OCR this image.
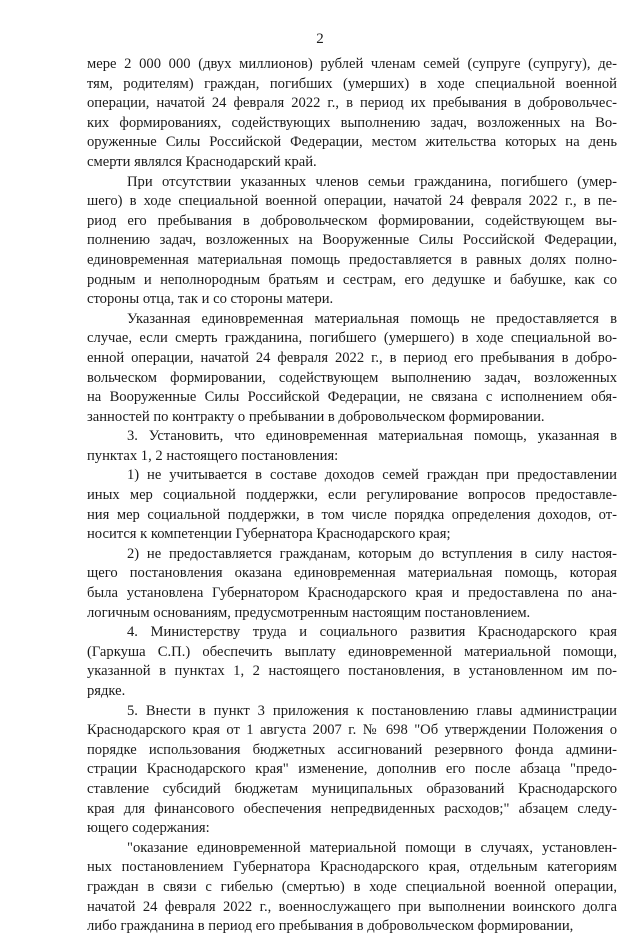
2
мере 2 000 000 (двух миллионов) рублей членам семей (супруге (супругу), де-
тям, родителям) граждан, погибших (умерших) в ходе специальной военной
операции, начатой 24 февраля 2022 г., в период их пребывания в добровольчес-
ких формированиях, содействующих выполнению задач, возложенных на Во-
оруженные Силы Российской Федерации, местом жительства которых на день
смерти являлся Краснодарский край.
При отсутствии указанных членов семьи гражданина, погибшего (умер-
шего) в ходе специальной военной операции, начатой 24 февраля 2022 г., в пе-
риод его пребывания в добровольческом формировании, содействующем вы-
полнению задач, возложенных на Вооруженные Силы Российской Федерации,
единовременная материальная помощь предоставляется в равных долях полно-
родным и неполнородным братьям и сестрам, его дедушке и бабушке, как со
стороны отца, так и со стороны матери.
Указанная единовременная материальная помощь не предоставляется в
случае, если смерть гражданина, погибшего (умершего) в ходе специальной во-
енной операции, начатой 24 февраля 2022 г., в период его пребывания в добро-
вольческом формировании, содействующем выполнению задач, возложенных
на Вооруженные Силы Российской Федерации, не связана с исполнением обя-
занностей по контракту о пребывании в добровольческом формировании.
3. Установить, что единовременная материальная помощь, указанная в
пунктах 1, 2 настоящего постановления:
1) не учитывается в составе доходов семей граждан при предоставлении
иных мер социальной поддержки, если регулирование вопросов предоставле-
ния мер социальной поддержки, в том числе порядка определения доходов, от-
носится к компетенции Губернатора Краснодарского края;
2) не предоставляется гражданам, которым до вступления в силу настоя-
щего постановления оказана единовременная материальная помощь, которая
была установлена Губернатором Краснодарского края и предоставлена по ана-
логичным основаниям, предусмотренным настоящим постановлением.
4. Министерству труда и социального развития Краснодарского края
(Гаркуша С.П.) обеспечить выплату единовременной материальной помощи,
указанной в пунктах 1, 2 настоящего постановления, в установленном им по-
рядке.
5. Внести в пункт 3 приложения к постановлению главы администрации
Краснодарского края от 1 августа 2007 г. № 698 "Об утверждении Положения о
порядке использования бюджетных ассигнований резервного фонда админи-
страции Краснодарского края" изменение, дополнив его после абзаца "предо-
ставление субсидий бюджетам муниципальных образований Краснодарского
края для финансового обеспечения непредвиденных расходов;" абзацем следу-
ющего содержания:
"оказание единовременной материальной помощи в случаях, установлен-
ных постановлением Губернатора Краснодарского края, отдельным категориям
граждан в связи с гибелью (смертью) в ходе специальной военной операции,
начатой 24 февраля 2022 г., военнослужащего при выполнении воинского долга
либо гражданина в период его пребывания в добровольческом формировании,
